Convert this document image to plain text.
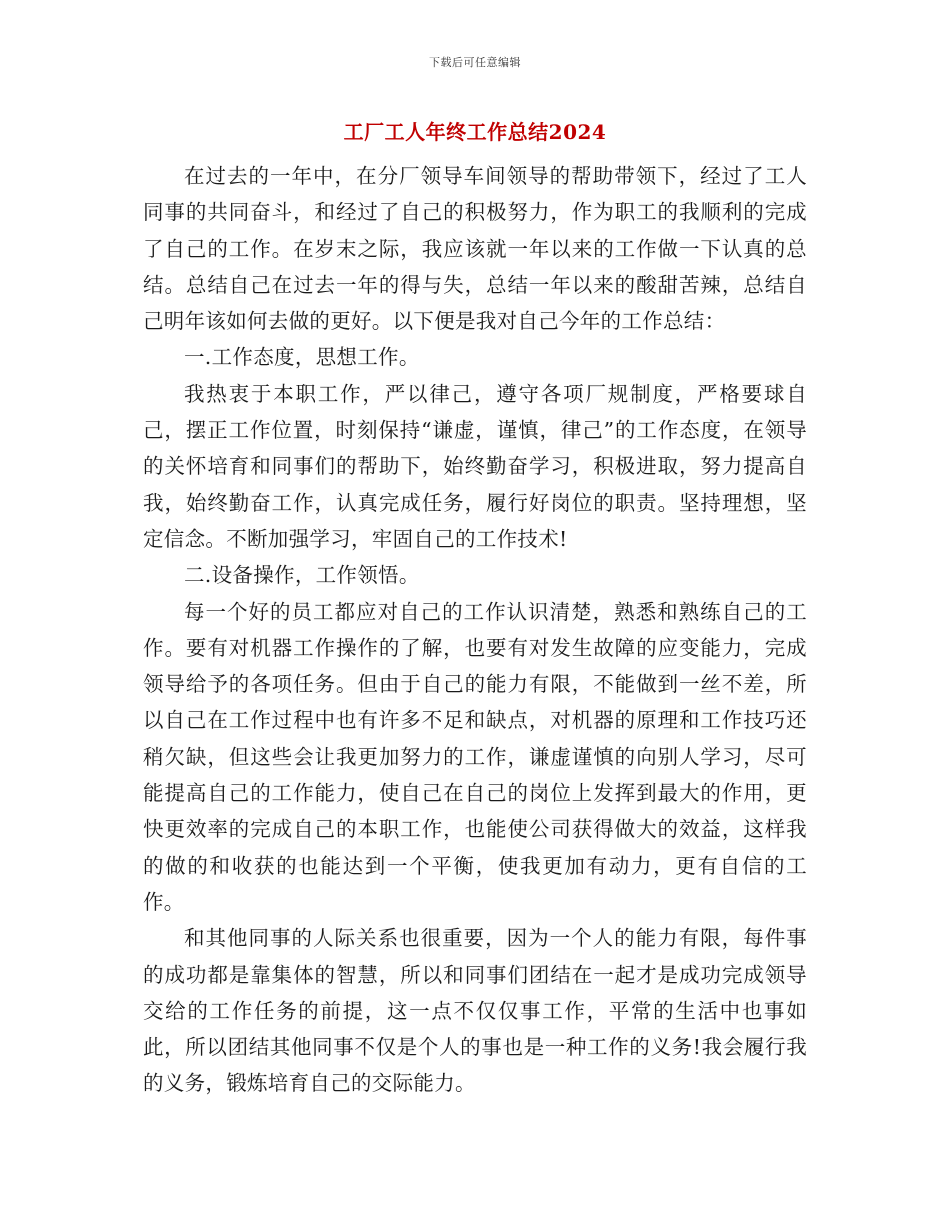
下载后可任意编辑
工厂工人年终工作总结2024

在过去的一年中，在分厂领导车间领导的帮助带领下，经过了工人同事的共同奋斗，和经过了自己的积极努力，作为职工的我顺利的完成了自己的工作。在岁末之际，我应该就一年以来的工作做一下认真的总结。总结自己在过去一年的得与失，总结一年以来的酸甜苦辣，总结自己明年该如何去做的更好。以下便是我对自己今年的工作总结：

一.工作态度，思想工作。

我热衷于本职工作，严以律己，遵守各项厂规制度，严格要球自己，摆正工作位置，时刻保持“谦虚，谨慎，律己”的工作态度，在领导的关怀培育和同事们的帮助下，始终勤奋学习，积极进取，努力提高自我，始终勤奋工作，认真完成任务，履行好岗位的职责。坚持理想，坚定信念。不断加强学习，牢固自己的工作技术!

二.设备操作，工作领悟。

每一个好的员工都应对自己的工作认识清楚，熟悉和熟练自己的工作。要有对机器工作操作的了解，也要有对发生故障的应变能力，完成领导给予的各项任务。但由于自己的能力有限，不能做到一丝不差，所以自己在工作过程中也有许多不足和缺点，对机器的原理和工作技巧还稍欠缺，但这些会让我更加努力的工作，谦虚谨慎的向别人学习，尽可能提高自己的工作能力，使自己在自己的岗位上发挥到最大的作用，更快更效率的完成自己的本职工作，也能使公司获得做大的效益，这样我的做的和收获的也能达到一个平衡，使我更加有动力，更有自信的工作。

和其他同事的人际关系也很重要，因为一个人的能力有限，每件事的成功都是靠集体的智慧，所以和同事们团结在一起才是成功完成领导交给的工作任务的前提，这一点不仅仅事工作，平常的生活中也事如此，所以团结其他同事不仅是个人的事也是一种工作的义务!我会履行我的义务，锻炼培育自己的交际能力。
